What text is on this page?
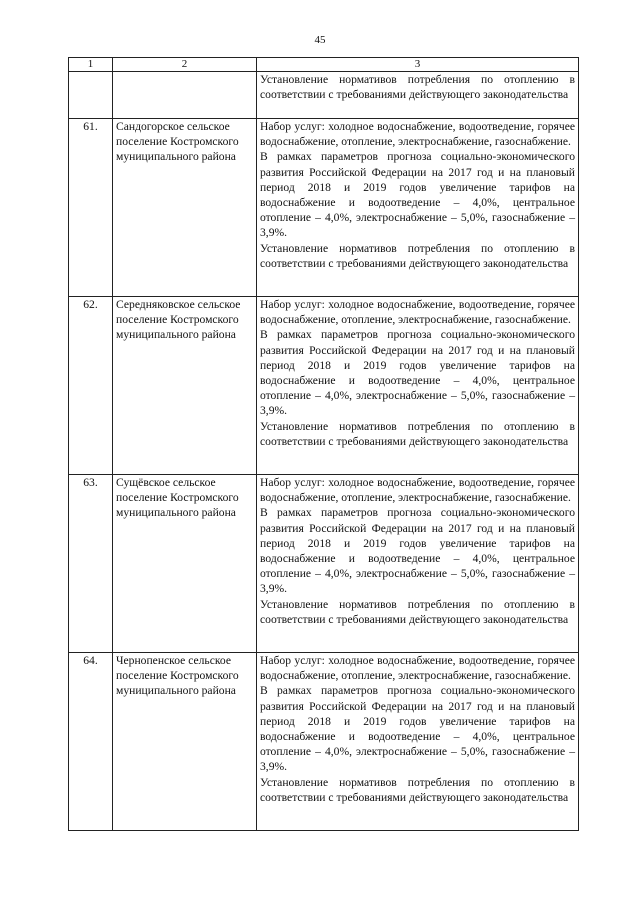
45
1	2	3

		Установление нормативов потребления по отоплению в соответствии с требованиями действующего законодательства

61.	Сандогорское сельское поселение Костромского муниципального района	Набор услуг: холодное водоснабжение, водоотведение, горячее водоснабжение, отопление, электроснабжение, газоснабжение.

В рамках параметров прогноза социально-экономического развития Российской Федерации на 2017 год и на плановый период 2018 и 2019 годов увеличение тарифов на водоснабжение и водоотведение – 4,0%, центральное отопление – 4,0%, электроснабжение – 5,0%, газоснабжение – 3,9%.

Установление нормативов потребления по отоплению в соответствии с требованиями действующего законодательства

62.	Середняковское сельское поселение Костромского муниципального района	Набор услуг: холодное водоснабжение, водоотведение, горячее водоснабжение, отопление, электроснабжение, газоснабжение.

В рамках параметров прогноза социально-экономического развития Российской Федерации на 2017 год и на плановый период 2018 и 2019 годов увеличение тарифов на водоснабжение и водоотведение – 4,0%, центральное отопление – 4,0%, электроснабжение – 5,0%, газоснабжение – 3,9%.

Установление нормативов потребления по отоплению в соответствии с требованиями действующего законодательства

63.	Сущёвское сельское поселение Костромского муниципального района	Набор услуг: холодное водоснабжение, водоотведение, горячее водоснабжение, отопление, электроснабжение, газоснабжение.

В рамках параметров прогноза социально-экономического развития Российской Федерации на 2017 год и на плановый период 2018 и 2019 годов увеличение тарифов на водоснабжение и водоотведение – 4,0%, центральное отопление – 4,0%, электроснабжение – 5,0%, газоснабжение – 3,9%.

Установление нормативов потребления по отоплению в соответствии с требованиями действующего законодательства

64.	Чернопенское сельское поселение Костромского муниципального района	Набор услуг: холодное водоснабжение, водоотведение, горячее водоснабжение, отопление, электроснабжение, газоснабжение.

В рамках параметров прогноза социально-экономического развития Российской Федерации на 2017 год и на плановый период 2018 и 2019 годов увеличение тарифов на водоснабжение и водоотведение – 4,0%, центральное отопление – 4,0%, электроснабжение – 5,0%, газоснабжение – 3,9%.

Установление нормативов потребления по отоплению в соответствии с требованиями действующего законодательства
